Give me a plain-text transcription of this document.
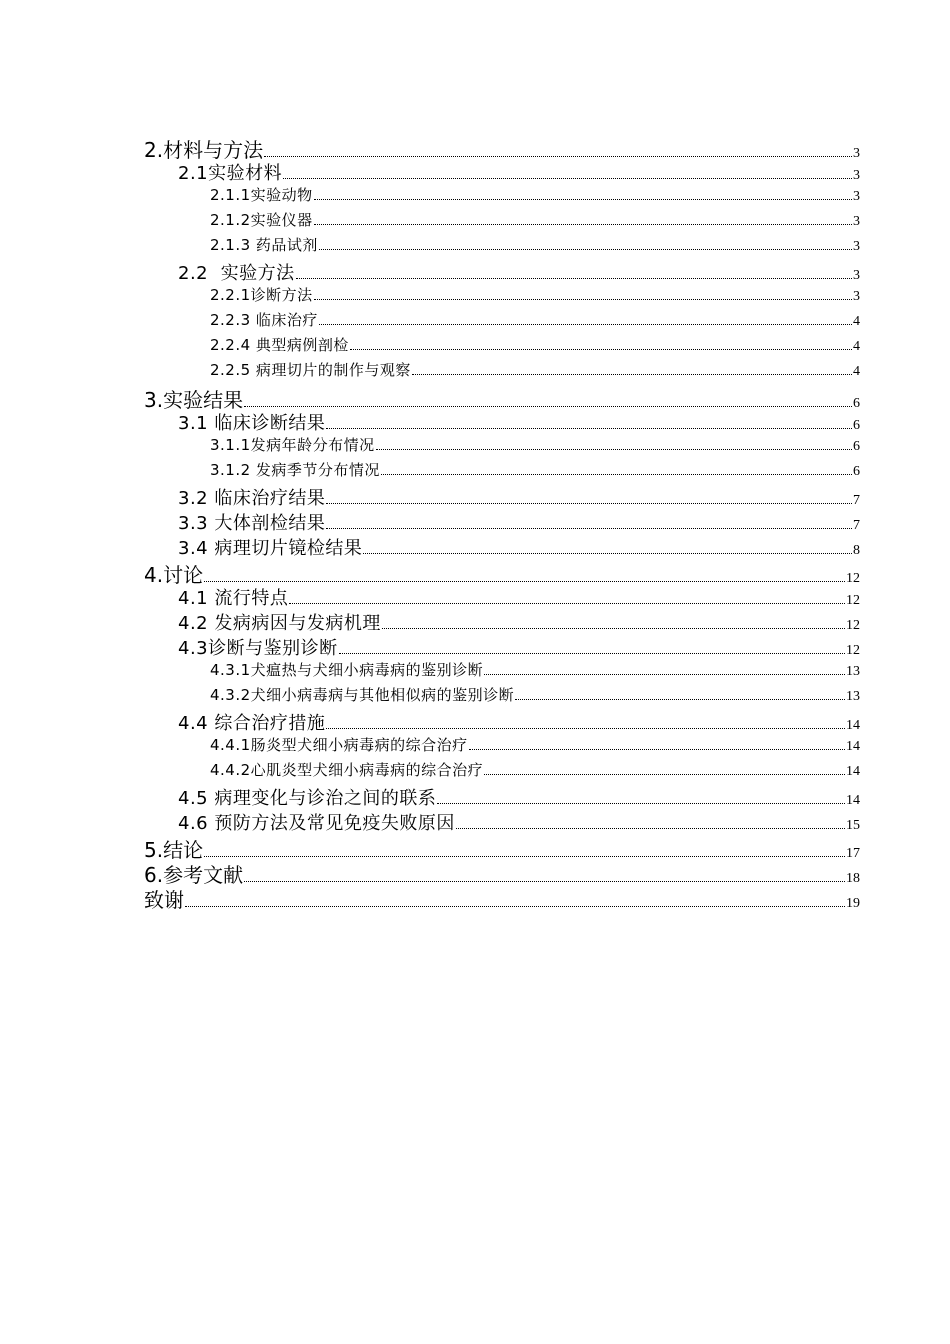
2.材料与方法	3
2.1实验材料	3
2.1.1实验动物	3
2.1.2实验仪器	3
2.1.3 药品试剂	3
2.2  实验方法	3
2.2.1诊断方法	3
2.2.3 临床治疗	4
2.2.4 典型病例剖检	4
2.2.5 病理切片的制作与观察	4
3.实验结果	6
3.1 临床诊断结果	6
3.1.1发病年龄分布情况	6
3.1.2 发病季节分布情况	6
3.2 临床治疗结果	7
3.3 大体剖检结果	7
3.4 病理切片镜检结果	8
4.讨论	12
4.1 流行特点	12
4.2 发病病因与发病机理	12
4.3诊断与鉴别诊断	12
4.3.1犬瘟热与犬细小病毒病的鉴别诊断	13
4.3.2犬细小病毒病与其他相似病的鉴别诊断	13
4.4 综合治疗措施	14
4.4.1肠炎型犬细小病毒病的综合治疗	14
4.4.2心肌炎型犬细小病毒病的综合治疗	14
4.5 病理变化与诊治之间的联系	14
4.6 预防方法及常见免疫失败原因	15
5.结论	17
6.参考文献	18
致谢	19
